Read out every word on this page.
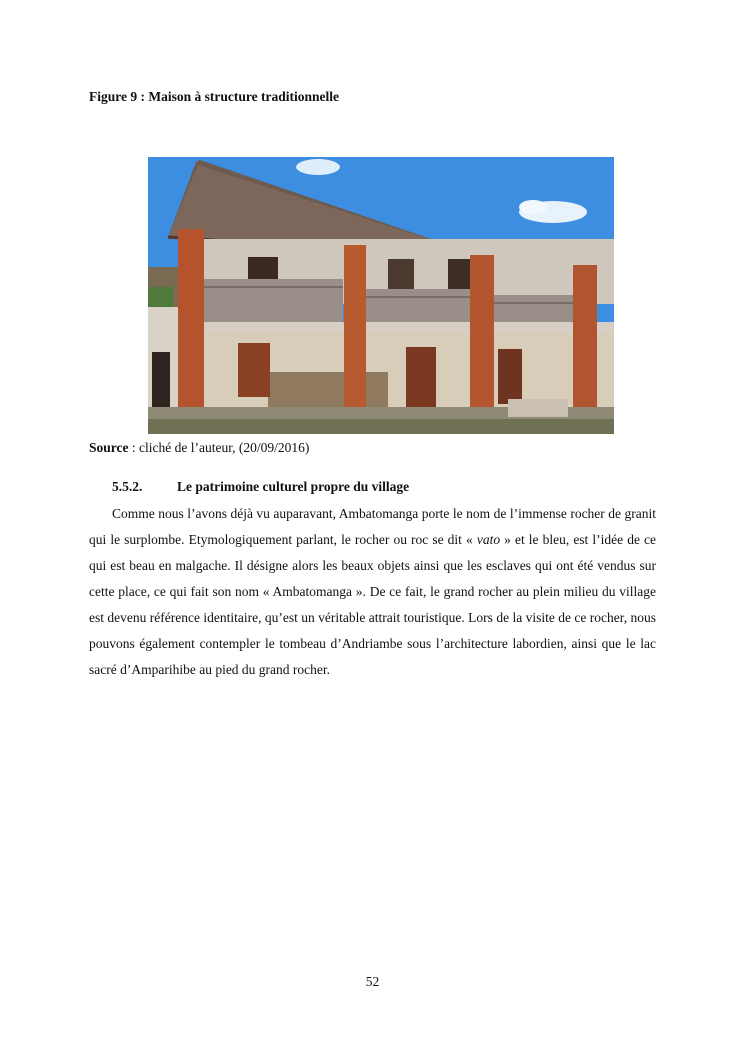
Figure 9 : Maison à structure traditionnelle
Source : cliché de l’auteur, (20/09/2016)
5.5.2.	Le patrimoine culturel propre du village

Comme nous l’avons déjà vu auparavant, Ambatomanga porte le nom de l’immense rocher de granit qui le surplombe. Etymologiquement parlant, le rocher ou roc se dit « vato » et le bleu, est l’idée de ce qui est beau en malgache. Il désigne alors les beaux objets ainsi que les esclaves qui ont été vendus sur cette place, ce qui fait son nom « Ambatomanga ». De ce fait, le grand rocher au plein milieu du village est devenu référence identitaire, qu’est un véritable attrait touristique. Lors de la visite de ce rocher, nous pouvons également contempler le tombeau d’Andriambe sous l’architecture labordien, ainsi que le lac sacré d’Amparihibe au pied du grand rocher.

52
